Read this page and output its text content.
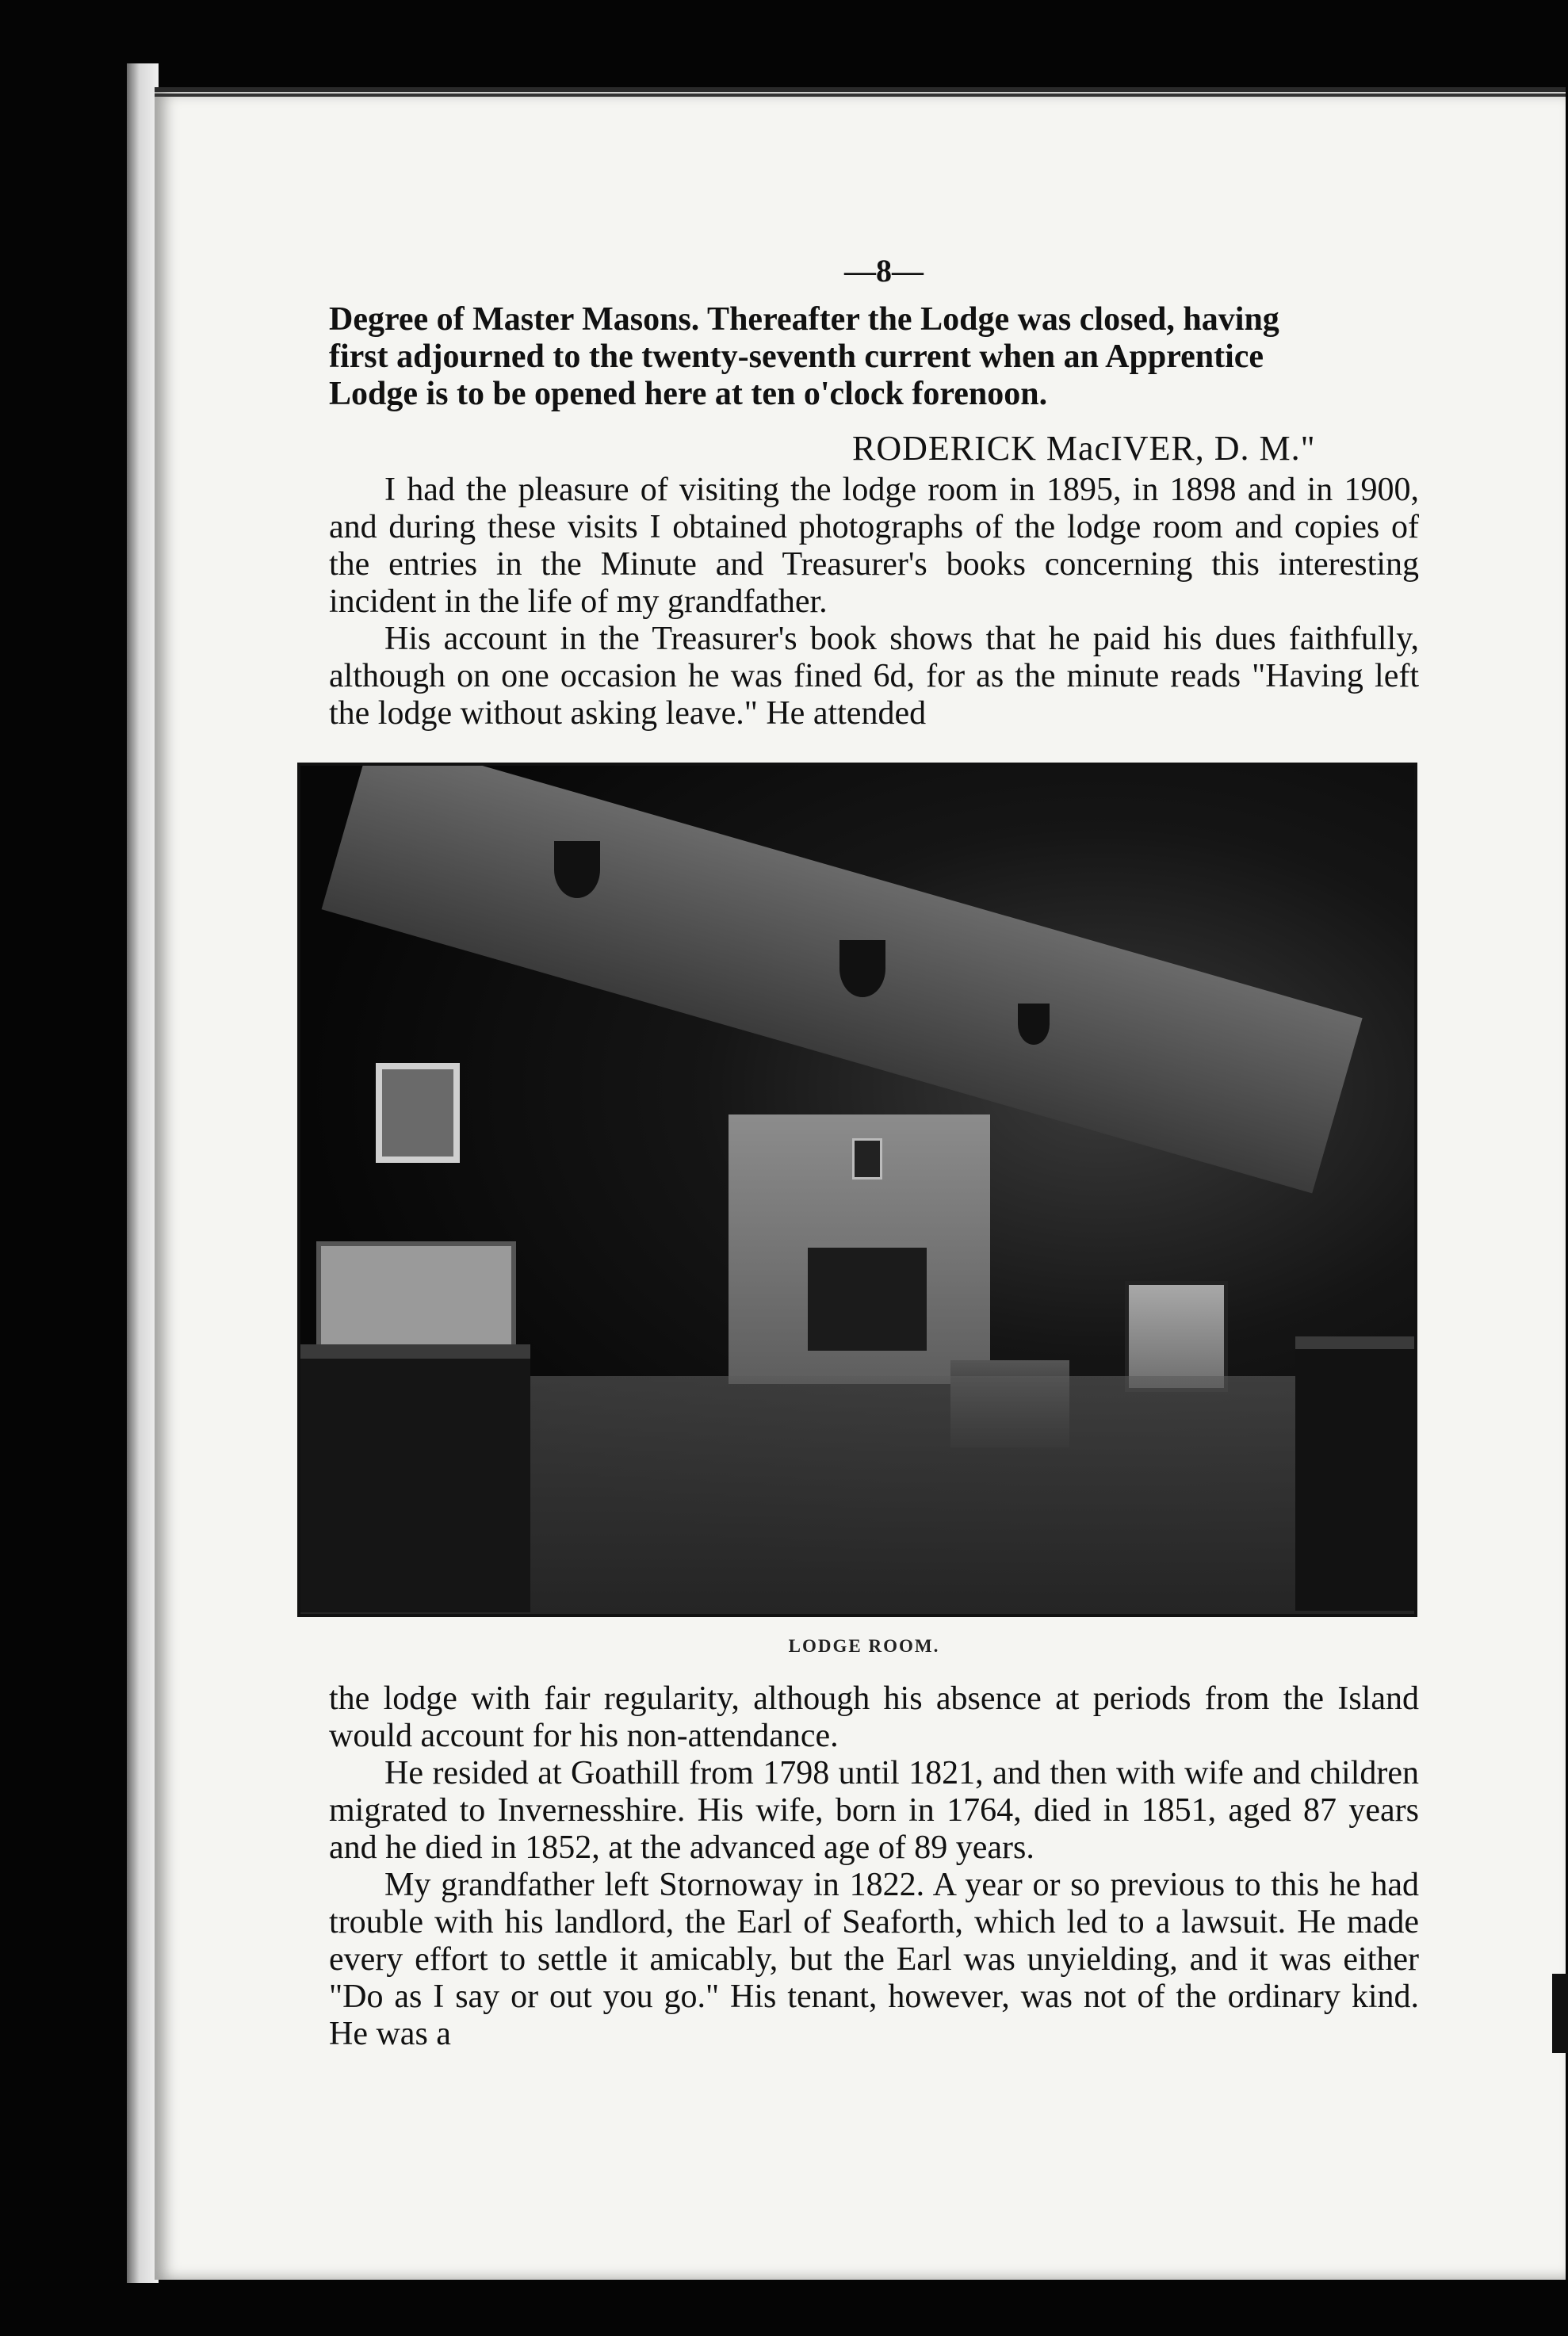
—8—

Degree of Master Masons. Thereafter the Lodge was closed, having

first adjourned to the twenty-seventh current when an Apprentice

Lodge is to be opened here at ten o'clock forenoon.

RODERICK MacIVER, D. M."

I had the pleasure of visiting the lodge room in 1895, in 1898 and in 1900, and during these visits I obtained photographs of the lodge room and copies of the entries in the Minute and Treasurer's books concerning this interesting incident in the life of my grandfather.

His account in the Treasurer's book shows that he paid his dues faithfully, although on one occasion he was fined 6d, for as the minute reads "Having left the lodge without asking leave." He attended

LODGE ROOM.

the lodge with fair regularity, although his absence at periods from the Island would account for his non-attendance.

He resided at Goathill from 1798 until 1821, and then with wife and children migrated to Invernesshire. His wife, born in 1764, died in 1851, aged 87 years and he died in 1852, at the advanced age of 89 years.

My grandfather left Stornoway in 1822. A year or so previous to this he had trouble with his landlord, the Earl of Seaforth, which led to a lawsuit. He made every effort to settle it amicably, but the Earl was unyielding, and it was either "Do as I say or out you go." His tenant, however, was not of the ordinary kind. He was a
